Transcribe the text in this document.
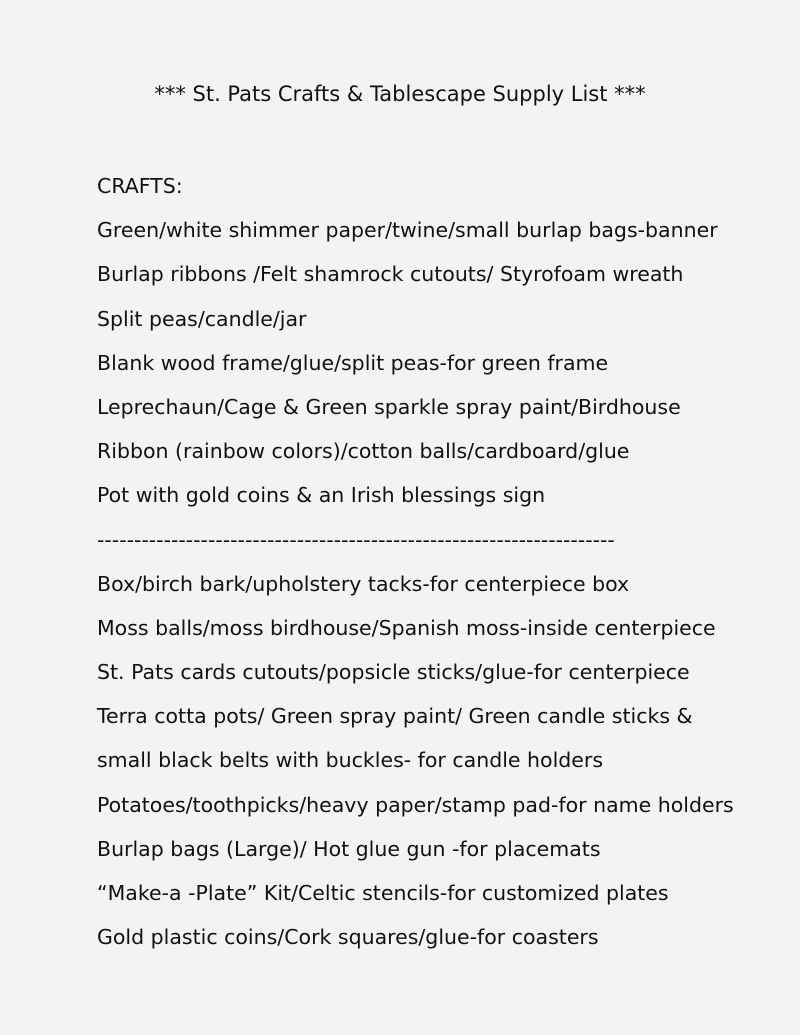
*** St. Pats Crafts & Tablescape Supply List ***
CRAFTS:
Green/white shimmer paper/twine/small burlap bags-banner
Burlap ribbons /Felt shamrock cutouts/ Styrofoam wreath
Split peas/candle/jar
Blank wood frame/glue/split peas-for green frame
Leprechaun/Cage & Green sparkle spray paint/Birdhouse
Ribbon (rainbow colors)/cotton balls/cardboard/glue
Pot with gold coins & an Irish blessings sign
----------------------------------------------------------------------
Box/birch bark/upholstery tacks-for centerpiece box
Moss balls/moss birdhouse/Spanish moss-inside centerpiece
St. Pats cards cutouts/popsicle sticks/glue-for centerpiece
Terra cotta pots/ Green spray paint/ Green candle sticks &
small black belts with buckles- for candle holders
Potatoes/toothpicks/heavy paper/stamp pad-for name holders
Burlap bags (Large)/ Hot glue gun -for placemats
“Make-a -Plate” Kit/Celtic stencils-for customized plates
Gold plastic coins/Cork squares/glue-for coasters
